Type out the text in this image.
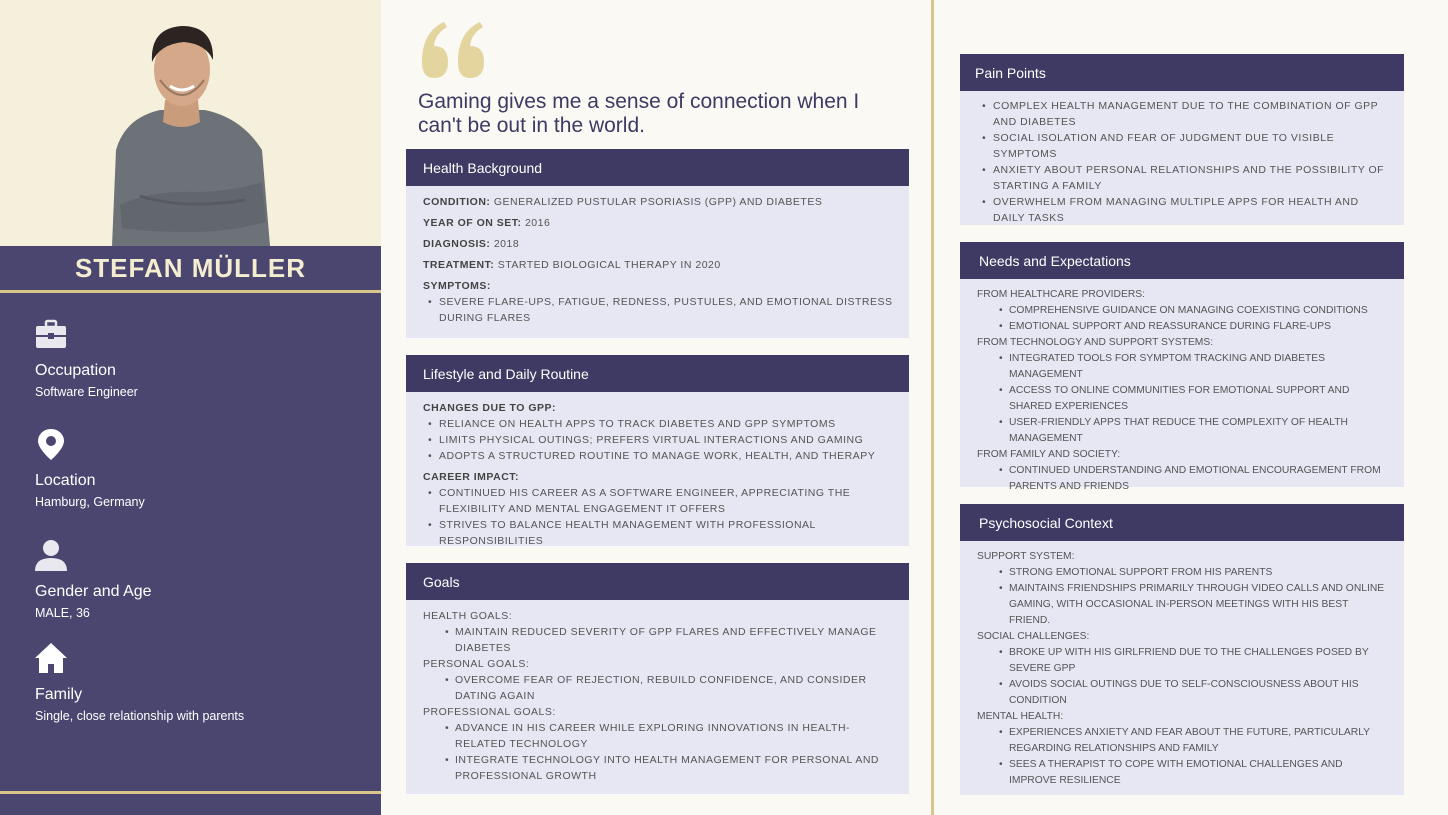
STEFAN MÜLLER
Occupation
Software Engineer
Location
Hamburg, Germany
Gender and Age
MALE, 36
Family
Single, close relationship with parents
Gaming gives me a sense of connection when I can't be out in the world.
Health Background
CONDITION: GENERALIZED PUSTULAR PSORIASIS (GPP) AND DIABETES
YEAR OF ON SET: 2016
DIAGNOSIS: 2018
TREATMENT: STARTED BIOLOGICAL THERAPY IN 2020
SYMPTOMS:
• SEVERE FLARE-UPS, FATIGUE, REDNESS, PUSTULES, AND EMOTIONAL DISTRESS DURING FLARES
Lifestyle and Daily Routine
CHANGES DUE TO GPP:
• RELIANCE ON HEALTH APPS TO TRACK DIABETES AND GPP SYMPTOMS
• LIMITS PHYSICAL OUTINGS; PREFERS VIRTUAL INTERACTIONS AND GAMING
• ADOPTS A STRUCTURED ROUTINE TO MANAGE WORK, HEALTH, AND THERAPY
CAREER IMPACT:
• CONTINUED HIS CAREER AS A SOFTWARE ENGINEER, APPRECIATING THE FLEXIBILITY AND MENTAL ENGAGEMENT IT OFFERS
• STRIVES TO BALANCE HEALTH MANAGEMENT WITH PROFESSIONAL RESPONSIBILITIES
Goals
HEALTH GOALS:
• MAINTAIN REDUCED SEVERITY OF GPP FLARES AND EFFECTIVELY MANAGE DIABETES
PERSONAL GOALS:
• OVERCOME FEAR OF REJECTION, REBUILD CONFIDENCE, AND CONSIDER DATING AGAIN
PROFESSIONAL GOALS:
• ADVANCE IN HIS CAREER WHILE EXPLORING INNOVATIONS IN HEALTH-RELATED TECHNOLOGY
• INTEGRATE TECHNOLOGY INTO HEALTH MANAGEMENT FOR PERSONAL AND PROFESSIONAL GROWTH
Pain Points
• COMPLEX HEALTH MANAGEMENT DUE TO THE COMBINATION OF GPP AND DIABETES
• SOCIAL ISOLATION AND FEAR OF JUDGMENT DUE TO VISIBLE SYMPTOMS
• ANXIETY ABOUT PERSONAL RELATIONSHIPS AND THE POSSIBILITY OF STARTING A FAMILY
• OVERWHELM FROM MANAGING MULTIPLE APPS FOR HEALTH AND DAILY TASKS
Needs and Expectations
FROM HEALTHCARE PROVIDERS:
• COMPREHENSIVE GUIDANCE ON MANAGING COEXISTING CONDITIONS
• EMOTIONAL SUPPORT AND REASSURANCE DURING FLARE-UPS
FROM TECHNOLOGY AND SUPPORT SYSTEMS:
• INTEGRATED TOOLS FOR SYMPTOM TRACKING AND DIABETES MANAGEMENT
• ACCESS TO ONLINE COMMUNITIES FOR EMOTIONAL SUPPORT AND SHARED EXPERIENCES
• USER-FRIENDLY APPS THAT REDUCE THE COMPLEXITY OF HEALTH MANAGEMENT
FROM FAMILY AND SOCIETY:
• CONTINUED UNDERSTANDING AND EMOTIONAL ENCOURAGEMENT FROM PARENTS AND FRIENDS
Psychosocial Context
SUPPORT SYSTEM:
• STRONG EMOTIONAL SUPPORT FROM HIS PARENTS
• MAINTAINS FRIENDSHIPS PRIMARILY THROUGH VIDEO CALLS AND ONLINE GAMING, WITH OCCASIONAL IN-PERSON MEETINGS WITH HIS BEST FRIEND.
SOCIAL CHALLENGES:
• BROKE UP WITH HIS GIRLFRIEND DUE TO THE CHALLENGES POSED BY SEVERE GPP
• AVOIDS SOCIAL OUTINGS DUE TO SELF-CONSCIOUSNESS ABOUT HIS CONDITION
MENTAL HEALTH:
• EXPERIENCES ANXIETY AND FEAR ABOUT THE FUTURE, PARTICULARLY REGARDING RELATIONSHIPS AND FAMILY
• SEES A THERAPIST TO COPE WITH EMOTIONAL CHALLENGES AND IMPROVE RESILIENCE
